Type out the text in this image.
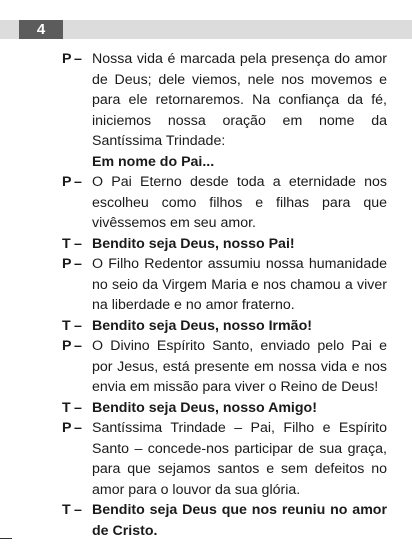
4
P – Nossa vida é marcada pela presença do amor de Deus; dele viemos, nele nos movemos e para ele retornaremos. Na confiança da fé, iniciemos nossa oração em nome da Santíssima Trindade:
Em nome do Pai...
P – O Pai Eterno desde toda a eternidade nos escolheu como filhos e filhas para que vivêssemos em seu amor.
T – Bendito seja Deus, nosso Pai!
P – O Filho Redentor assumiu nossa humanidade no seio da Virgem Maria e nos chamou a viver na liberdade e no amor fraterno.
T – Bendito seja Deus, nosso Irmão!
P – O Divino Espírito Santo, enviado pelo Pai e por Jesus, está presente em nossa vida e nos envia em missão para viver o Reino de Deus!
T – Bendito seja Deus, nosso Amigo!
P – Santíssima Trindade – Pai, Filho e Espírito Santo – concede-nos participar de sua graça, para que sejamos santos e sem defeitos no amor para o louvor da sua glória.
T – Bendito seja Deus que nos reuniu no amor de Cristo.
